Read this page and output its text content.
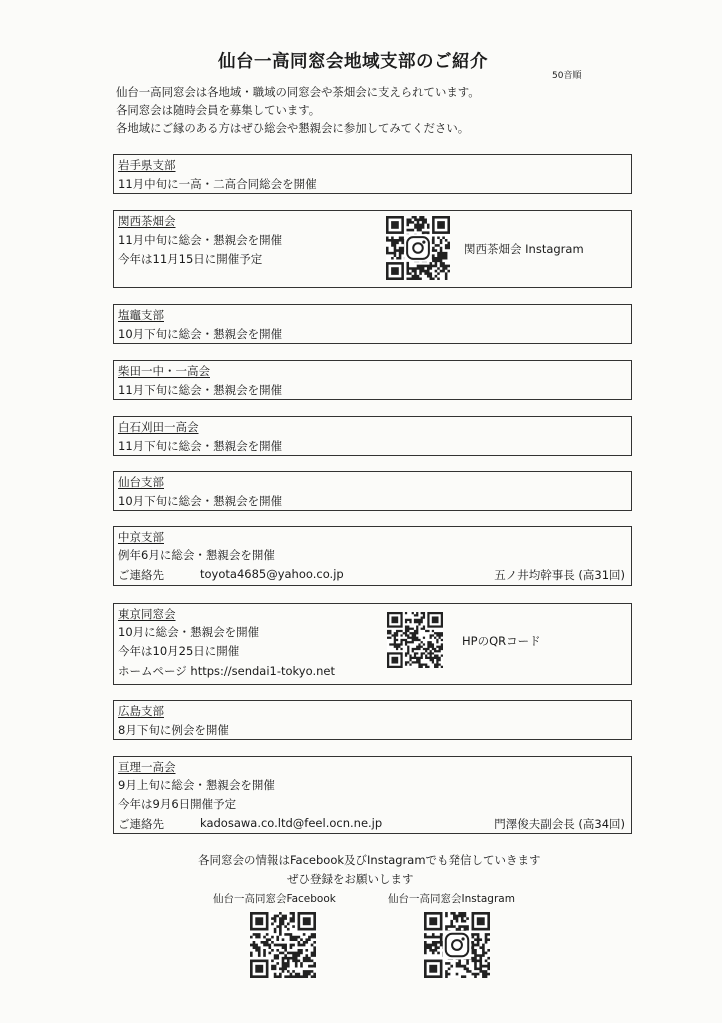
仙台一高同窓会地域支部のご紹介
50音順
仙台一高同窓会は各地域・職域の同窓会や茶畑会に支えられています。
各同窓会は随時会員を募集しています。
各地域にご縁のある方はぜひ総会や懇親会に参加してみてください。
岩手県支部
11月中旬に一高・二高合同総会を開催
関西茶畑会
11月中旬に総会・懇親会を開催
今年は11月15日に開催予定
関西茶畑会 Instagram
塩竈支部
10月下旬に総会・懇親会を開催
柴田一中・一高会
11月下旬に総会・懇親会を開催
白石刈田一高会
11月下旬に総会・懇親会を開催
仙台支部
10月下旬に総会・懇親会を開催
中京支部
例年6月に総会・懇親会を開催
ご連絡先	toyota4685@yahoo.co.jp	五ノ井均幹事長 (高31回)
東京同窓会
10月に総会・懇親会を開催
今年は10月25日に開催
ホームページ https://sendai1-tokyo.net
HPのQRコード
広島支部
8月下旬に例会を開催
亘理一高会
9月上旬に総会・懇親会を開催
今年は9月6日開催予定
ご連絡先	kadosawa.co.ltd@feel.ocn.ne.jp	門澤俊夫副会長 (高34回)
各同窓会の情報はFacebook及びInstagramでも発信していきます
ぜひ登録をお願いします
仙台一高同窓会Facebook	仙台一高同窓会Instagram
